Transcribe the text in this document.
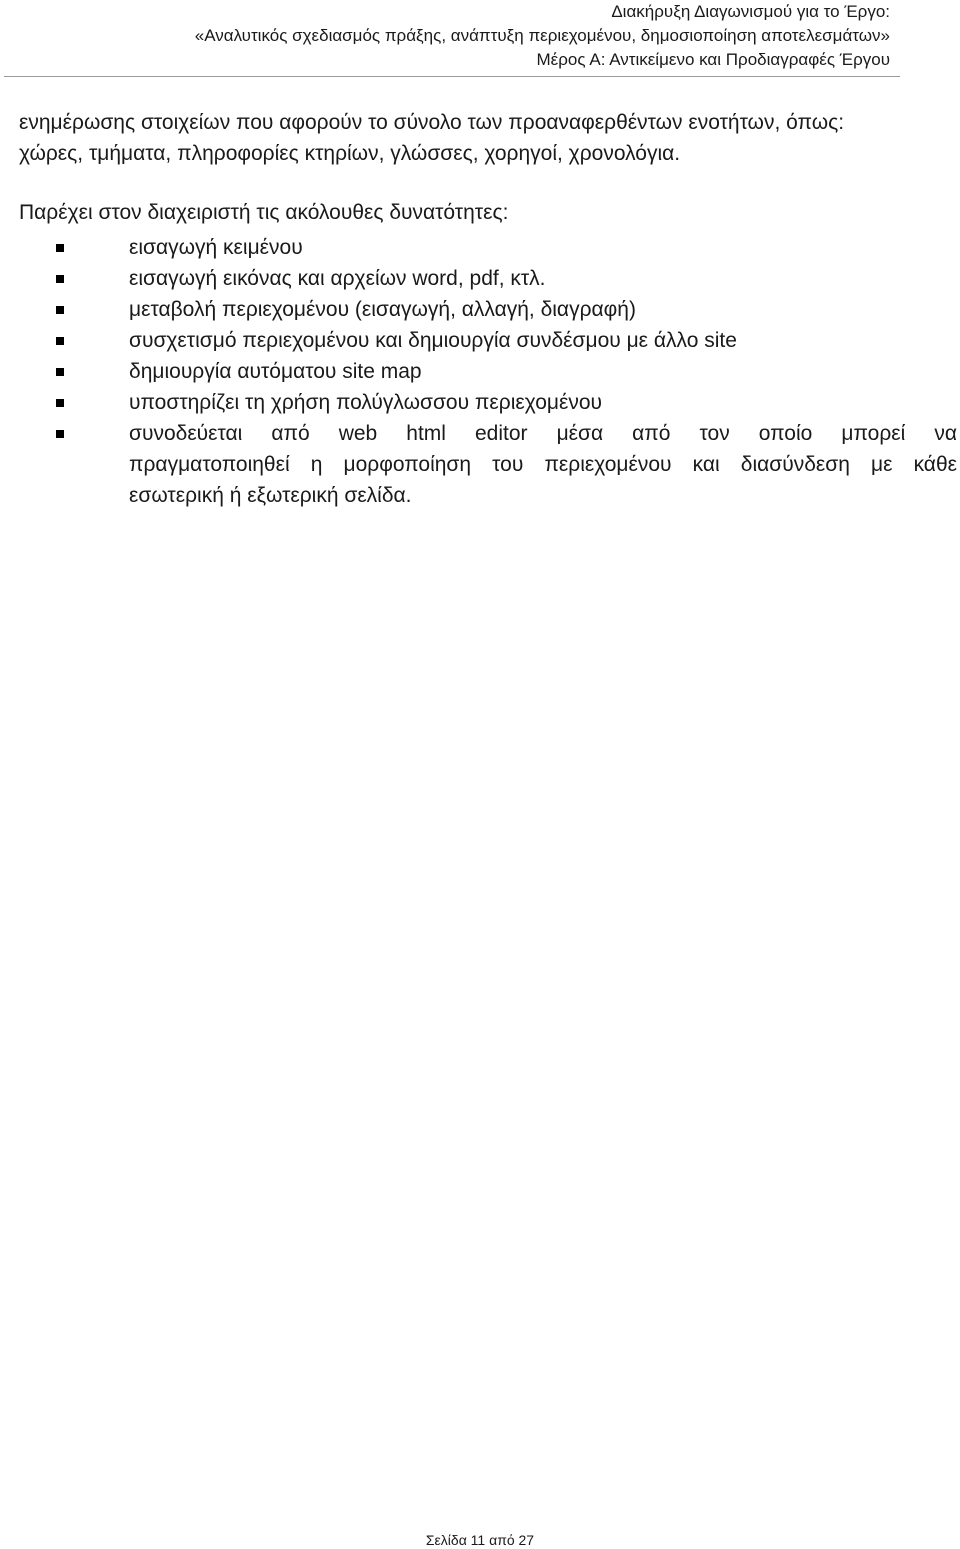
Διακήρυξη Διαγωνισμού για το Έργο:
«Αναλυτικός σχεδιασμός πράξης, ανάπτυξη περιεχομένου, δημοσιοποίηση αποτελεσμάτων»
Μέρος Α: Αντικείμενο και Προδιαγραφές Έργου
ενημέρωσης στοιχείων που αφορούν το σύνολο των προαναφερθέντων ενοτήτων, όπως:
χώρες, τμήματα, πληροφορίες κτηρίων, γλώσσες, χορηγοί, χρονολόγια.
Παρέχει στον διαχειριστή τις ακόλουθες δυνατότητες:
εισαγωγή κειμένου
εισαγωγή εικόνας και αρχείων word, pdf, κτλ.
μεταβολή περιεχομένου (εισαγωγή, αλλαγή, διαγραφή)
συσχετισμό περιεχομένου και δημιουργία συνδέσμου με άλλο site
δημιουργία αυτόματου site map
υποστηρίζει τη χρήση πολύγλωσσου περιεχομένου
συνοδεύεται από web html editor μέσα από τον οποίο μπορεί να
πραγματοποιηθεί η μορφοποίηση του περιεχομένου και διασύνδεση με κάθε
εσωτερική ή εξωτερική σελίδα.
Σελίδα 11 από 27
